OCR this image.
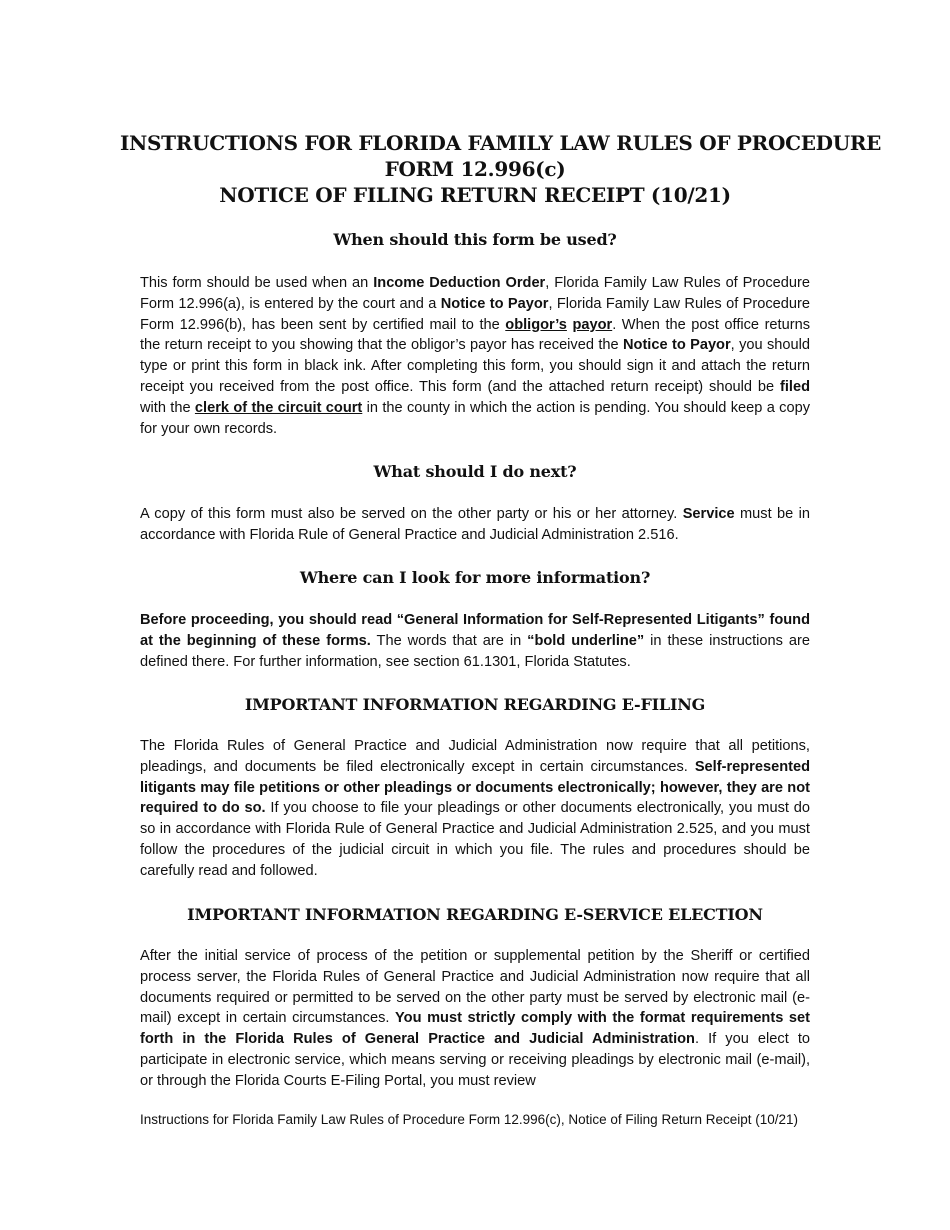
INSTRUCTIONS FOR FLORIDA FAMILY LAW RULES OF PROCEDURE
FORM 12.996(c)
NOTICE OF FILING RETURN RECEIPT (10/21)
When should this form be used?
This form should be used when an Income Deduction Order, Florida Family Law Rules of Procedure Form 12.996(a), is entered by the court and a Notice to Payor, Florida Family Law Rules of Procedure Form 12.996(b), has been sent by certified mail to the obligor’s payor. When the post office returns the return receipt to you showing that the obligor’s payor has received the Notice to Payor, you should type or print this form in black ink. After completing this form, you should sign it and attach the return receipt you received from the post office. This form (and the attached return receipt) should be filed with the clerk of the circuit court in the county in which the action is pending. You should keep a copy for your own records.
What should I do next?
A copy of this form must also be served on the other party or his or her attorney. Service must be in accordance with Florida Rule of General Practice and Judicial Administration 2.516.
Where can I look for more information?
Before proceeding, you should read “General Information for Self-Represented Litigants” found at the beginning of these forms. The words that are in “bold underline” in these instructions are defined there. For further information, see section 61.1301, Florida Statutes.
IMPORTANT INFORMATION REGARDING E-FILING
The Florida Rules of General Practice and Judicial Administration now require that all petitions, pleadings, and documents be filed electronically except in certain circumstances. Self-represented litigants may file petitions or other pleadings or documents electronically; however, they are not required to do so. If you choose to file your pleadings or other documents electronically, you must do so in accordance with Florida Rule of General Practice and Judicial Administration 2.525, and you must follow the procedures of the judicial circuit in which you file. The rules and procedures should be carefully read and followed.
IMPORTANT INFORMATION REGARDING E-SERVICE ELECTION
After the initial service of process of the petition or supplemental petition by the Sheriff or certified process server, the Florida Rules of General Practice and Judicial Administration now require that all documents required or permitted to be served on the other party must be served by electronic mail (e-mail) except in certain circumstances. You must strictly comply with the format requirements set forth in the Florida Rules of General Practice and Judicial Administration. If you elect to participate in electronic service, which means serving or receiving pleadings by electronic mail (e-mail), or through the Florida Courts E-Filing Portal, you must review
Instructions for Florida Family Law Rules of Procedure Form 12.996(c), Notice of Filing Return Receipt (10/21)
